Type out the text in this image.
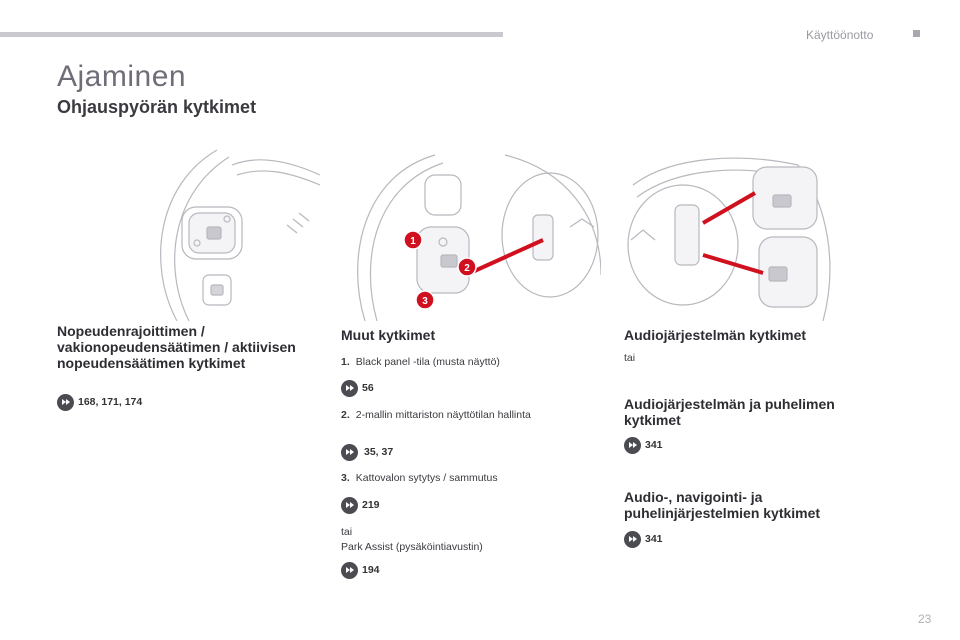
Käyttöönotto
Ajaminen
Ohjauspyörän kytkimet
1
2
3
Nopeudenrajoittimen /
vakionopeudensäätimen / aktiivisen
nopeudensäätimen kytkimet
168, 171, 174
Muut kytkimet
1. Black panel -tila (musta näyttö)
56
2. 2-mallin mittariston näyttötilan hallinta
35, 37
3. Kattovalon sytytys / sammutus
219
tai
Park Assist (pysäköintiavustin)
194
Audiojärjestelmän kytkimet
tai
Audiojärjestelmän ja puhelimen
kytkimet
341
Audio-, navigointi- ja
puhelinjärjestelmien kytkimet
341
23
